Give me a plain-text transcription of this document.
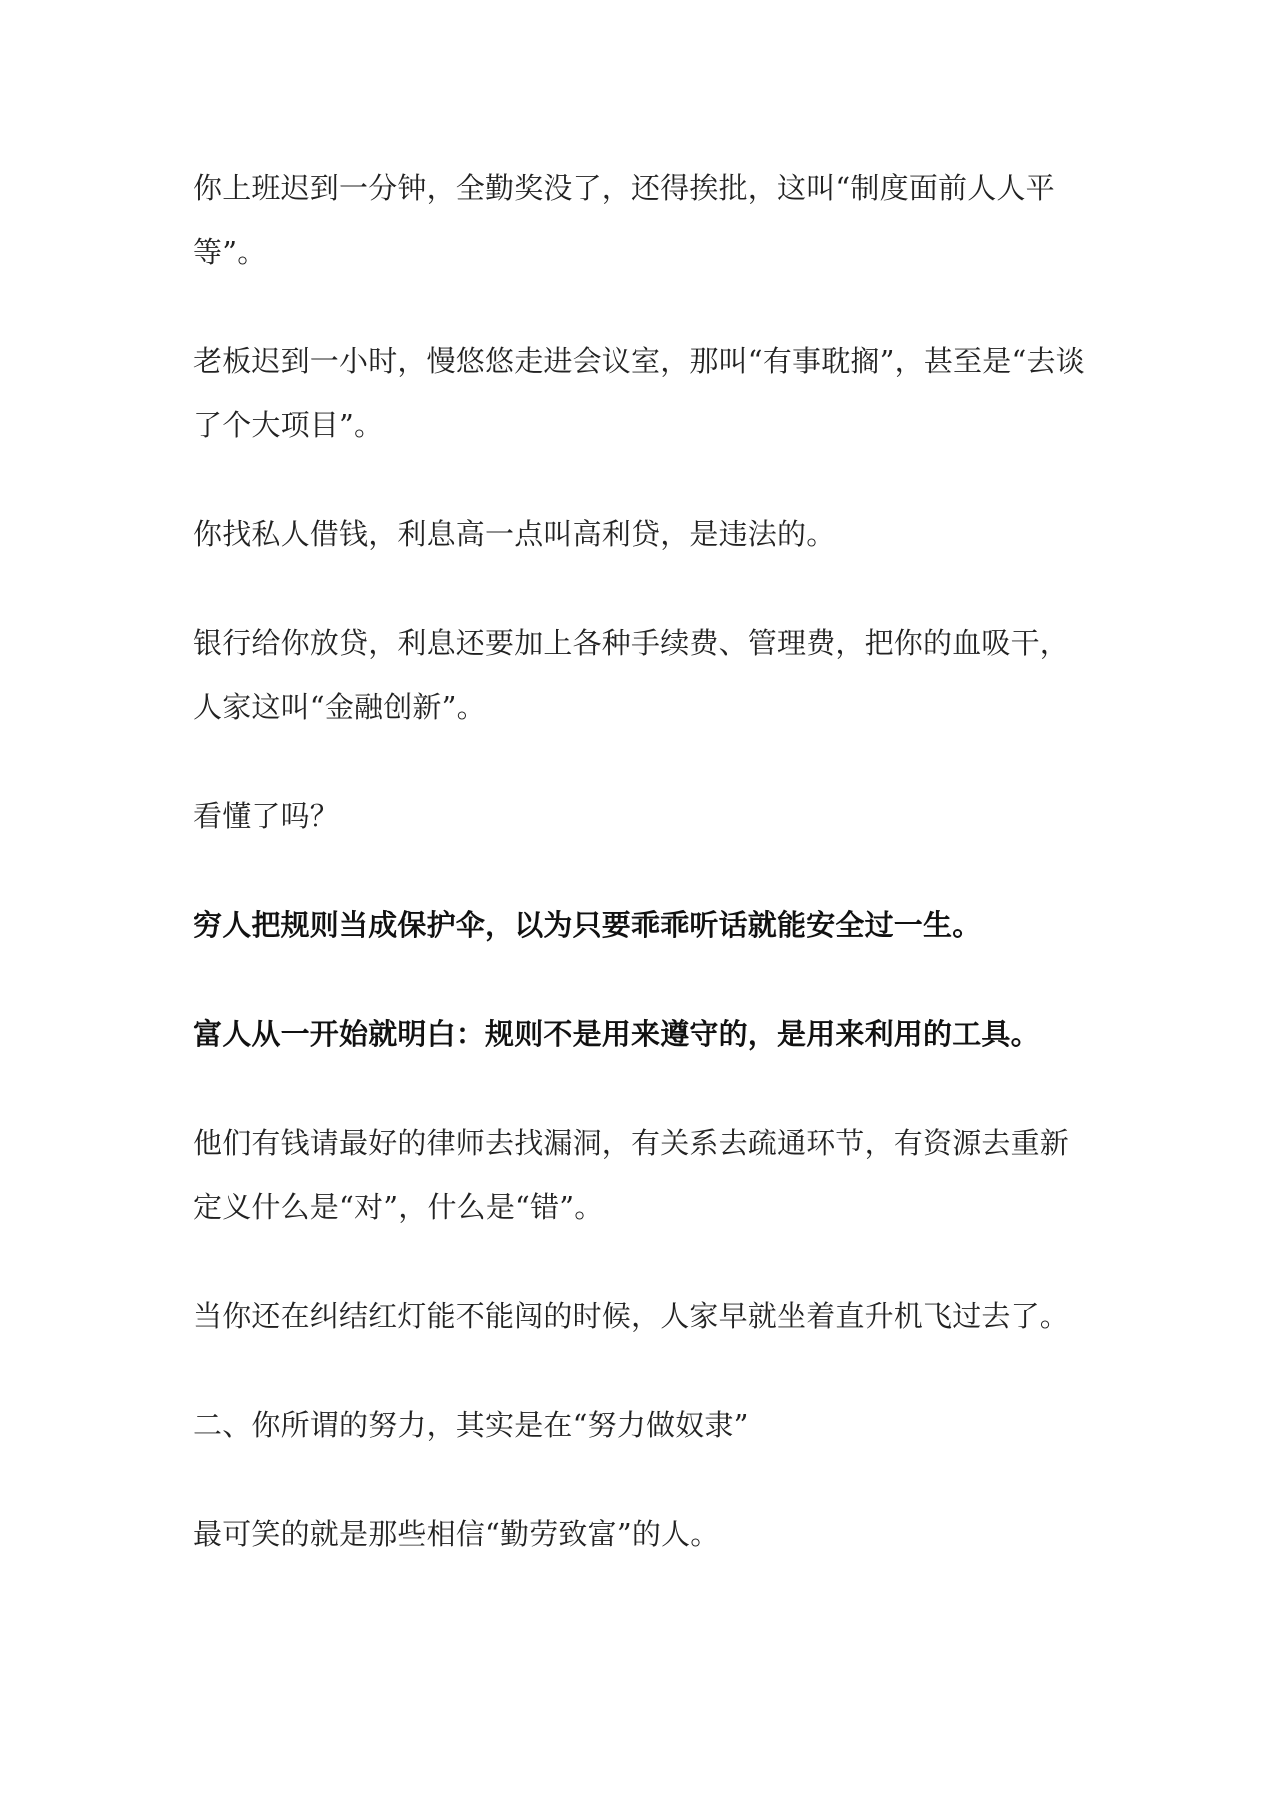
你上班迟到一分钟，全勤奖没了，还得挨批，这叫“制度面前人人平
等”。
老板迟到一小时，慢悠悠走进会议室，那叫“有事耽搁”，甚至是“去谈
了个大项目”。
你找私人借钱，利息高一点叫高利贷，是违法的。
银行给你放贷，利息还要加上各种手续费、管理费，把你的血吸干，
人家这叫“金融创新”。
看懂了吗？
穷人把规则当成保护伞，以为只要乖乖听话就能安全过一生。
富人从一开始就明白：规则不是用来遵守的，是用来利用的工具。
他们有钱请最好的律师去找漏洞，有关系去疏通环节，有资源去重新
定义什么是“对”，什么是“错”。
当你还在纠结红灯能不能闯的时候，人家早就坐着直升机飞过去了。
二、你所谓的努力，其实是在“努力做奴隶”
最可笑的就是那些相信“勤劳致富”的人。
